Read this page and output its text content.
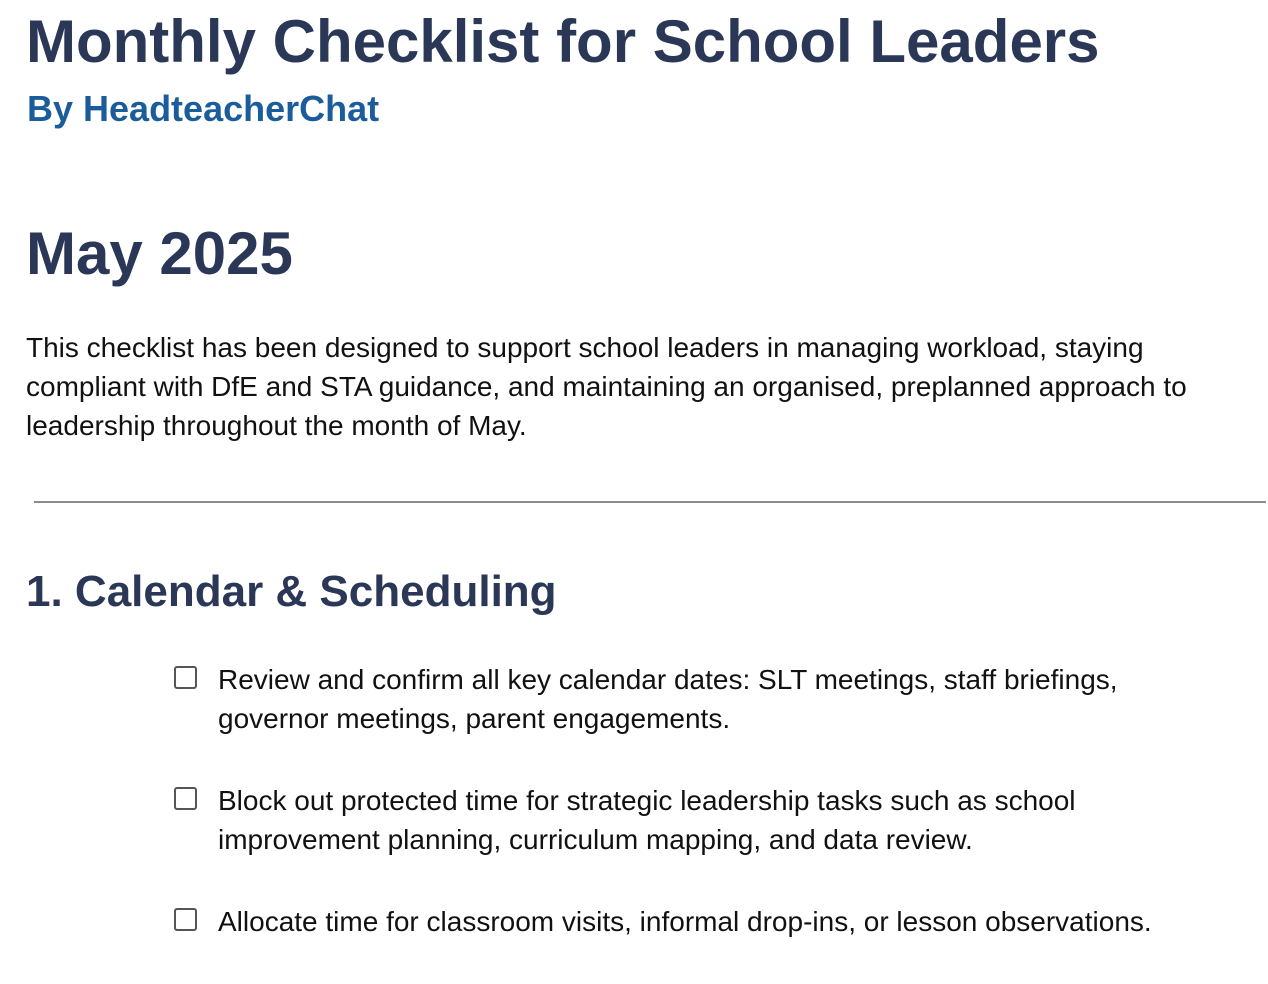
Monthly Checklist for School Leaders
By HeadteacherChat
May 2025

This checklist has been designed to support school leaders in managing workload, staying
compliant with DfE and STA guidance, and maintaining an organised, preplanned approach to
leadership throughout the month of May.

1. Calendar & Scheduling
Review and confirm all key calendar dates: SLT meetings, staff briefings,
governor meetings, parent engagements.
Block out protected time for strategic leadership tasks such as school
improvement planning, curriculum mapping, and data review.
Allocate time for classroom visits, informal drop-ins, or lesson observations.
